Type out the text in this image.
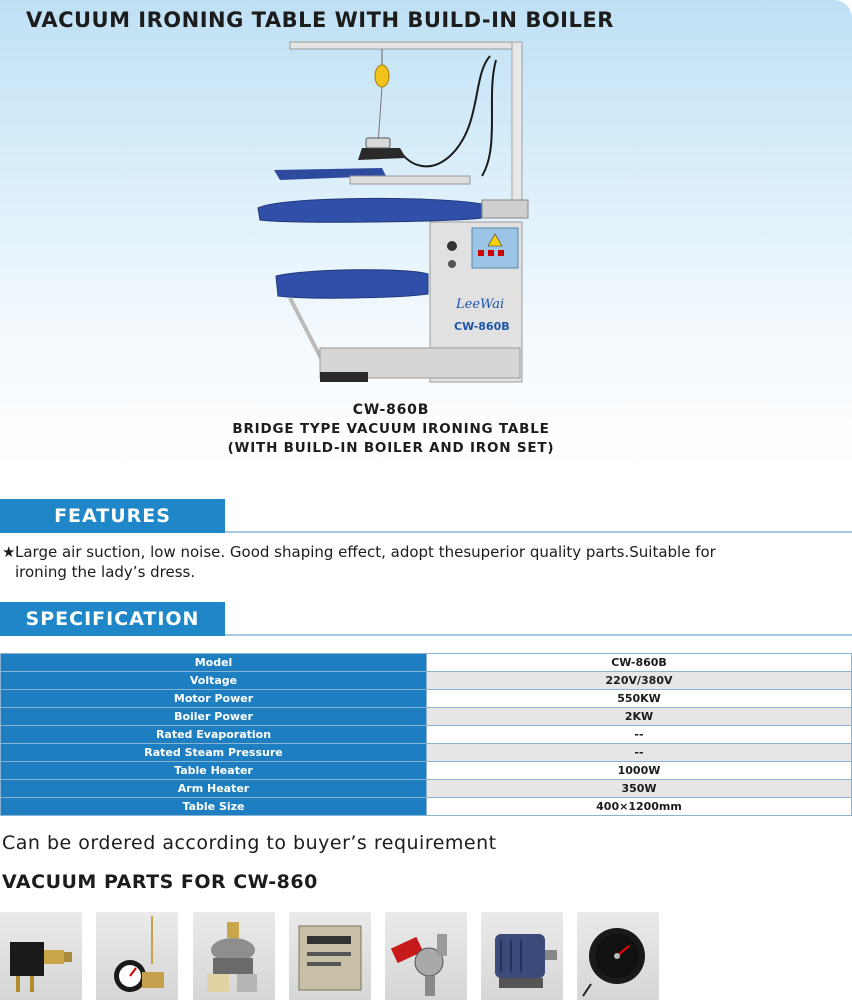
VACUUM IRONING TABLE WITH BUILD-IN BOILER
LeeWai
CW-860B
CW-860B
BRIDGE TYPE VACUUM IRONING TABLE
(WITH BUILD-IN BOILER AND IRON SET)
FEATURES
★Large air suction, low noise. Good shaping effect, adopt thesuperior quality parts.Suitable for
ironing the lady’s dress.
SPECIFICATION
Model	CW-860B
Voltage	220V/380V
Motor Power	550KW
Boiler Power	2KW
Rated Evaporation	--
Rated Steam Pressure	--
Table Heater	1000W
Arm Heater	350W
Table Size	400×1200mm
Can be ordered according to buyer’s requirement
VACUUM PARTS FOR CW-860
